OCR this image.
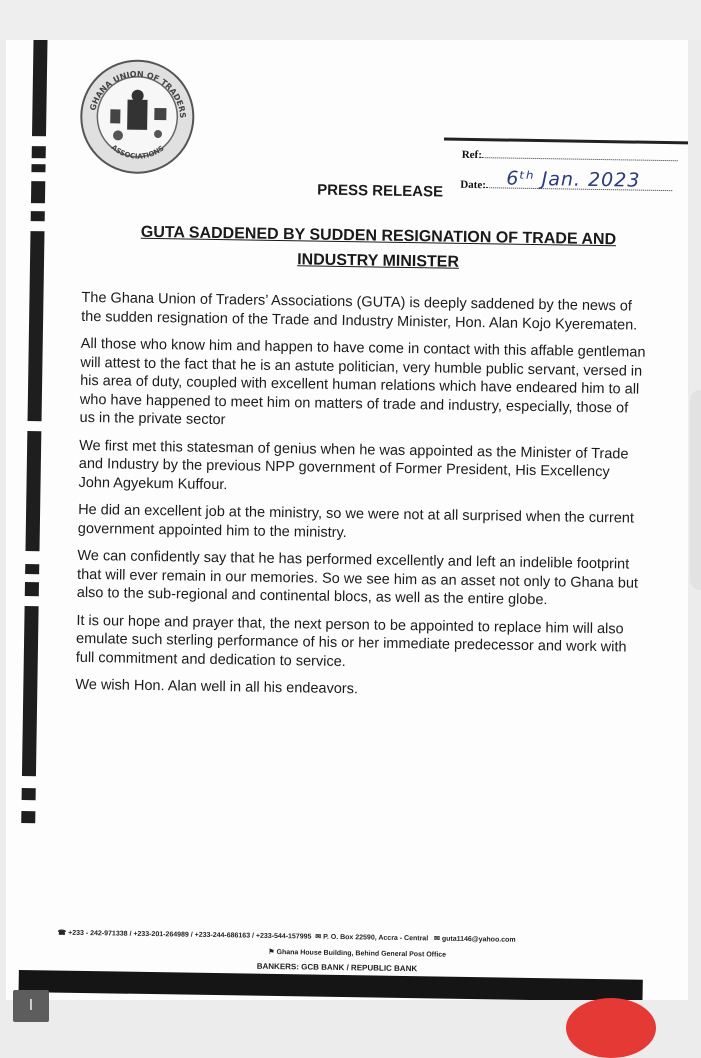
GHANA UNION OF TRADERS
ASSOCIATIONS	Ref:
Date:	6ᵗʰ Jan. 2023
PRESS RELEASE
GUTA SADDENED BY SUDDEN RESIGNATION OF TRADE AND INDUSTRY MINISTER

The Ghana Union of Traders’ Associations (GUTA) is deeply saddened by the news of the sudden resignation of the Trade and Industry Minister, Hon. Alan Kojo Kyerematen.

All those who know him and happen to have come in contact with this affable gentleman will attest to the fact that he is an astute politician, very humble public servant, versed in his area of duty, coupled with excellent human relations which have endeared him to all who have happened to meet him on matters of trade and industry, especially, those of us in the private sector

We first met this statesman of genius when he was appointed as the Minister of Trade and Industry by the previous NPP government of Former President, His Excellency John Agyekum Kuffour.

He did an excellent job at the ministry, so we were not at all surprised when the current government appointed him to the ministry.

We can confidently say that he has performed excellently and left an indelible footprint that will ever remain in our memories. So we see him as an asset not only to Ghana but also to the sub-regional and continental blocs, as well as the entire globe.

It is our hope and prayer that, the next person to be appointed to replace him will also emulate such sterling performance of his or her immediate predecessor and work with full commitment and dedication to service.

We wish Hon. Alan well in all his endeavors.

☎ +233 - 242-971338 / +233-201-264989 / +233-244-686163 / +233-544-157995 ✉ P. O. Box 22590, Accra - Central ✉ guta1146@yahoo.com
⚑ Ghana House Building, Behind General Post Office
BANKERS: GCB BANK / REPUBLIC BANK
I
